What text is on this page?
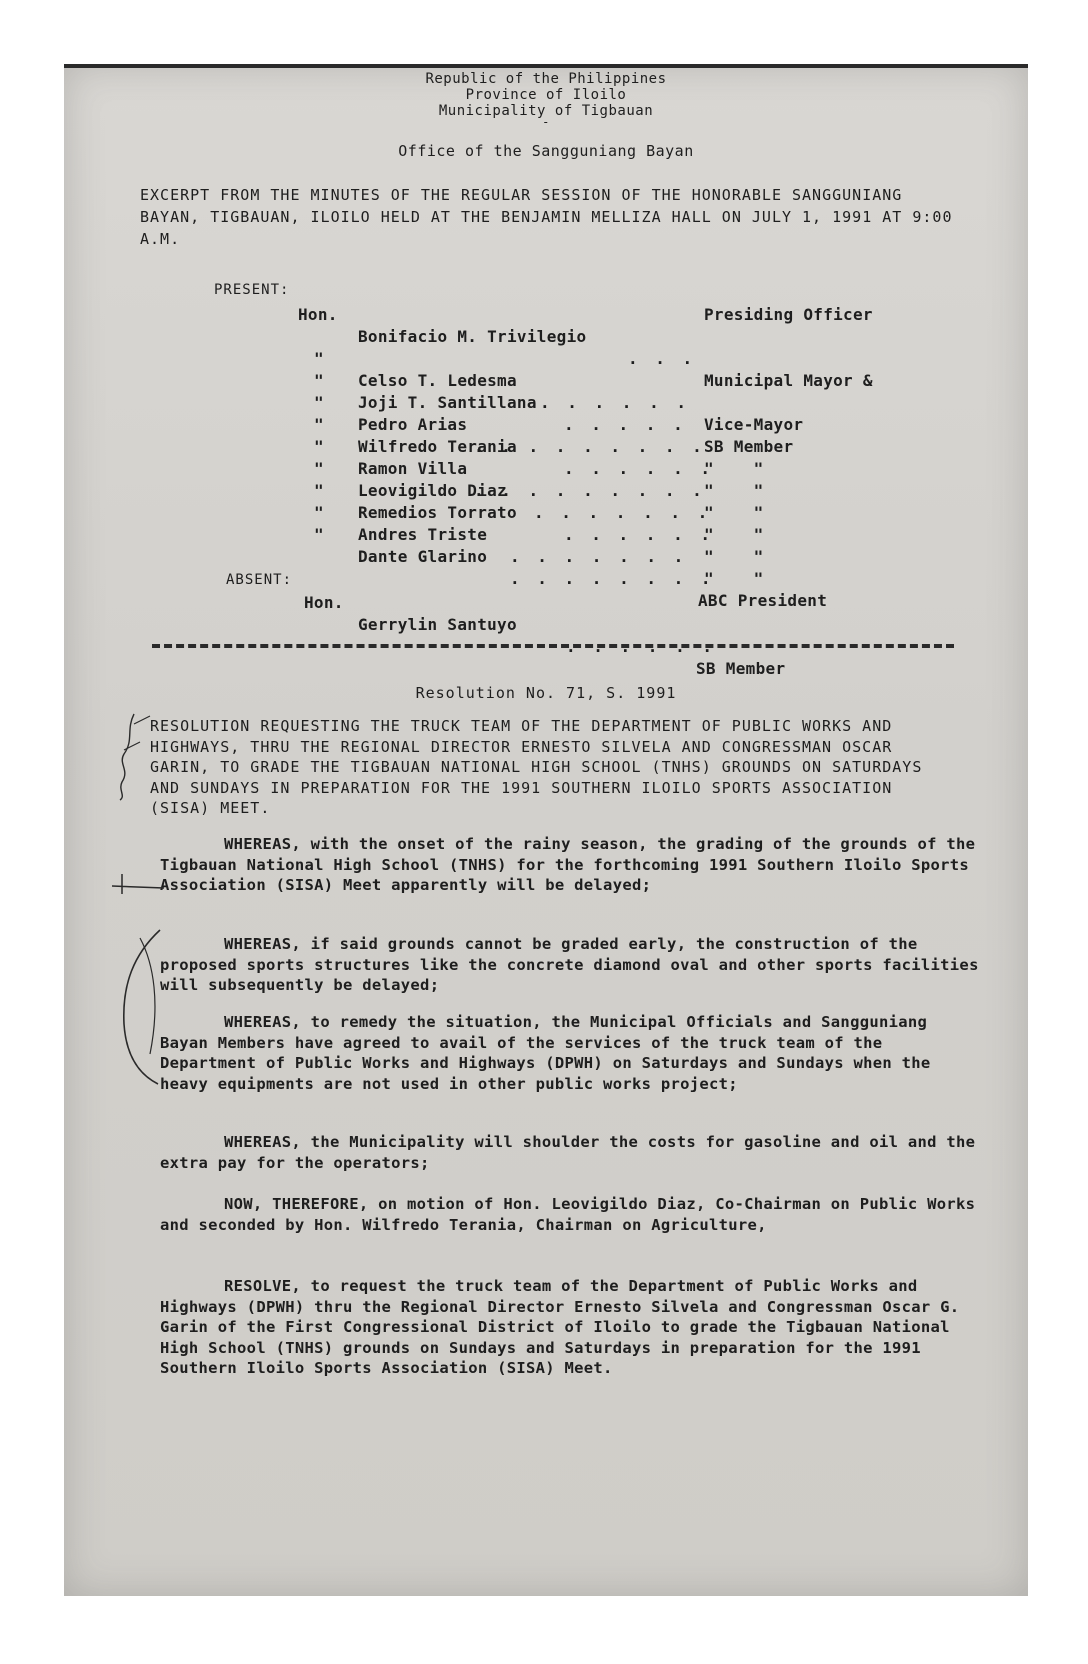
Republic of the Philippines
Province of Iloilo
Municipality of Tigbauan
-
Office of the Sangguniang Bayan
EXCERPT FROM THE MINUTES OF THE REGULAR SESSION OF THE HONORABLE SANGGUNIANG BAYAN, TIGBAUAN, ILOILO HELD AT THE BENJAMIN MELLIZA HALL ON JULY 1, 1991 AT 9:00 A.M.
PRESENT:

Hon.

Bonifacio M. Trivilegio

. . .

Municipal Mayor &

Presiding Officer

"

Celso T. Ledesma

. . . . . .

Vice-Mayor

"

Joji T. Santillana

. . . . .

SB Member

"

Pedro Arias

. . . . . . . . .

"    "

"

Wilfredo Terania

. . . . . .

"    "

"

Ramon Villa

. . . . . . . . .

"    "

"

Leovigildo Diaz

. . . . . . .

"    "

"

Remedios Torrato

. . . . . .

"    "

"

Andres Triste

. . . . . . .

"    "

"

Dante Glarino

. . . . . . . .

ABC President

ABSENT:

Hon.

Gerrylin Santuyo

. . . . . .

SB Member

Resolution No. 71, S. 1991
RESOLUTION REQUESTING THE TRUCK TEAM OF THE DEPARTMENT OF PUBLIC WORKS AND HIGHWAYS, THRU THE REGIONAL DIRECTOR ERNESTO SILVELA AND CONGRESSMAN OSCAR GARIN, TO GRADE THE TIGBAUAN NATIONAL HIGH SCHOOL (TNHS) GROUNDS ON SATURDAYS AND SUNDAYS IN PREPARATION FOR THE 1991 SOUTHERN ILOILO SPORTS ASSOCIATION (SISA) MEET.
WHEREAS, with the onset of the rainy season, the grading of the grounds of the Tigbauan National High School (TNHS) for the forthcoming 1991 Southern Iloilo Sports Association (SISA) Meet apparently will be delayed;
WHEREAS, if said grounds cannot be graded early, the construction of the proposed sports structures like the concrete diamond oval and other sports facilities will subsequently be delayed;
WHEREAS, to remedy the situation, the Municipal Officials and Sangguniang Bayan Members have agreed to avail of the services of the truck team of the Department of Public Works and Highways (DPWH) on Saturdays and Sundays when the heavy equipments are not used in other public works project;
WHEREAS, the Municipality will shoulder the costs for gasoline and oil and the extra pay for the operators;
NOW, THEREFORE, on motion of Hon. Leovigildo Diaz, Co-Chairman on Public Works and seconded by Hon. Wilfredo Terania, Chairman on Agriculture,
RESOLVE, to request the truck team of the Department of Public Works and Highways (DPWH) thru the Regional Director Ernesto Silvela and Congressman Oscar G. Garin of the First Congressional District of Iloilo to grade the Tigbauan National High School (TNHS) grounds on Sundays and Saturdays in preparation for the 1991 Southern Iloilo Sports Association (SISA) Meet.
